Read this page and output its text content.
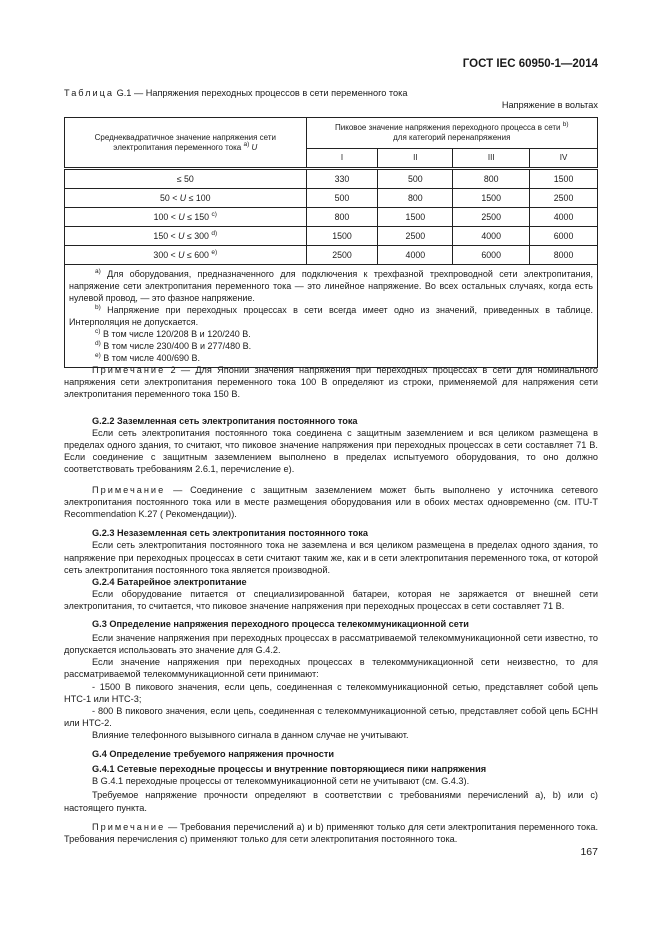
ГОСТ IEC 60950-1—2014
Таблица G.1 — Напряжения переходных процессов в сети переменного тока
Напряжение в вольтах
Среднеквадратичное значение напряжения сети электропитания переменного тока $^{a)}$ U	Пиковое значение напряжения переходного процесса в сети $^{b)}$
для категорий перенапряжения			
	I	II	III	IV
≤ 50	330	500	800	1500
50 < U ≤ 100	500	800	1500	2500
100 < U ≤ 150 $^{c)}$	800	1500	2500	4000
150 < U ≤ 300 $^{d)}$	1500	2500	4000	6000
300 < U ≤ 600 $^{e)}$	2500	4000	6000	8000

$^{a)}$ Для оборудования, предназначенного для подключения к трехфазной трехпроводной сети электропитания, напряжение сети электропитания переменного тока — это линейное напряжение. Во всех остальных случаях, когда есть нулевой провод, — это фазное напряжение.

$^{b)}$ Напряжение при переходных процессах в сети всегда имеет одно из значений, приведенных в таблице. Интерполяция не допускается.

$^{c)}$ В том числе 120/208 В и 120/240 В.

$^{d)}$ В том числе 230/400 В и 277/480 В.

$^{e)}$ В том числе 400/690 В.				

Примечание 2 — Для Японии значения напряжения при переходных процессах в сети для номинального напряжения сети электропитания переменного тока 100 В определяют из строки, применяемой для напряжения сети электропитания переменного тока 150 В.

G.2.2 Заземленная сеть электропитания постоянного тока

Если сеть электропитания постоянного тока соединена с защитным заземлением и вся целиком размещена в пределах одного здания, то считают, что пиковое значение напряжения при переходных процессах в сети составляет 71 В. Если соединение с защитным заземлением выполнено в пределах испытуемого оборудования, то оно должно соответствовать требованиям 2.6.1, перечисление е).

Примечание — Соединение с защитным заземлением может быть выполнено у источника сетевого электропитания постоянного тока или в месте размещения оборудования или в обоих местах одновременно (см. ITU-T Recommendation K.27 ( Рекомендации)).

G.2.3 Незаземленная сеть электропитания постоянного тока

Если сеть электропитания постоянного тока не заземлена и вся целиком размещена в пределах одного здания, то напряжение при переходных процессах в сети считают таким же, как и в сети электропитания переменного тока, от которой сеть электропитания постоянного тока является производной.

G.2.4 Батарейное электропитание

Если оборудование питается от специализированной батареи, которая не заряжается от внешней сети электропитания, то считается, что пиковое значение напряжения при переходных процессах в сети составляет 71 В.

G.3 Определение напряжения переходного процесса телекоммуникационной сети

Если значение напряжения при переходных процессах в рассматриваемой телекоммуникационной сети известно, то допускается использовать это значение для G.4.2.

Если значение напряжения при переходных процессах в телекоммуникационной сети неизвестно, то для рассматриваемой телекоммуникационной сети принимают:

- 1500 В пикового значения, если цепь, соединенная с телекоммуникационной сетью, представляет собой цепь НТС-1 или НТС-3;

- 800 В пикового значения, если цепь, соединенная с телекоммуникационной сетью, представляет собой цепь БСНН или НТС-2.

Влияние телефонного вызывного сигнала в данном случае не учитывают.

G.4 Определение требуемого напряжения прочности
G.4.1 Сетевые переходные процессы и внутренние повторяющиеся пики напряжения

В G.4.1 переходные процессы от телекоммуникационной сети не учитывают (см. G.4.3).

Требуемое напряжение прочности определяют в соответствии с требованиями перечислений a), b) или c) настоящего пункта.

Примечание — Требования перечислений a) и b) применяют только для сети электропитания переменного тока. Требования перечисления c) применяют только для сети электропитания постоянного тока.

167
